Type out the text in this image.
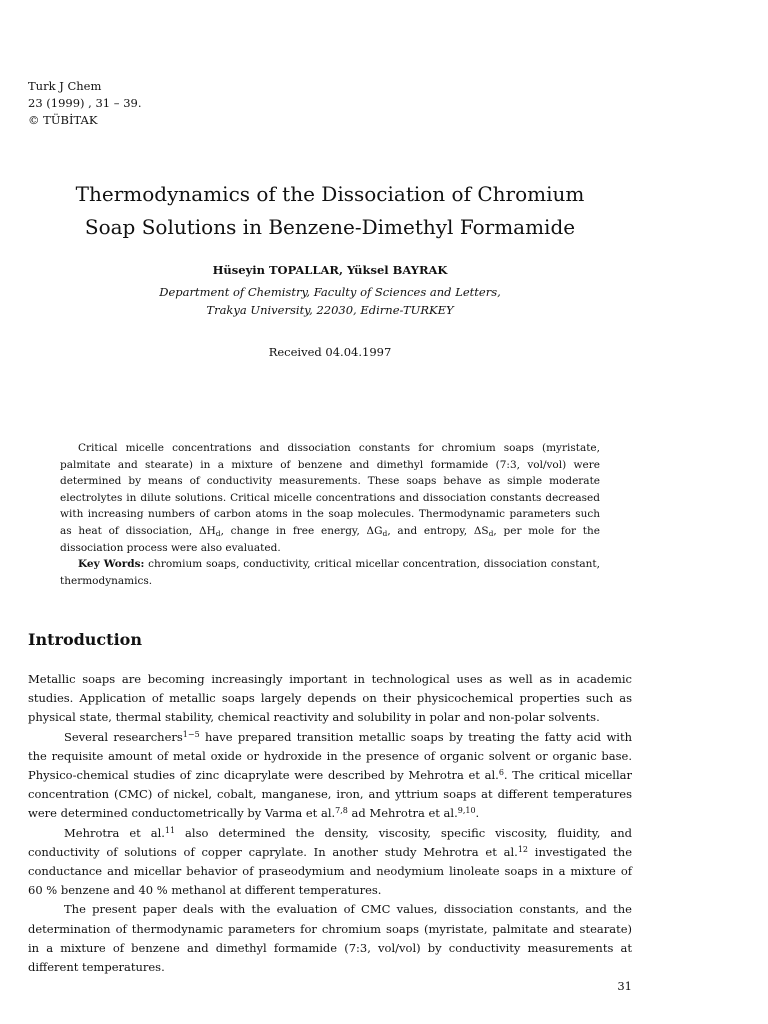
Turk J Chem
23 (1999) , 31 – 39.
© TÜBİTAK
Thermodynamics of the Dissociation of Chromium
Soap Solutions in Benzene-Dimethyl Formamide
Hüseyin TOPALLAR, Yüksel BAYRAK
Department of Chemistry, Faculty of Sciences and Letters,
Trakya University, 22030, Edirne-TURKEY
Received 04.04.1997

Critical micelle concentrations and dissociation constants for chromium soaps (myristate, palmitate and stearate) in a mixture of benzene and dimethyl formamide (7:3, vol/vol) were determined by means of conductivity measurements. These soaps behave as simple moderate electrolytes in dilute solutions. Critical micelle concentrations and dissociation constants decreased with increasing numbers of carbon atoms in the soap molecules. Thermodynamic parameters such as heat of dissociation, $\Delta H_d$, change in free energy, $\Delta G_d$, and entropy, $\Delta S_d$, per mole for the dissociation process were also evaluated.

Key Words: chromium soaps, conductivity, critical micellar concentration, dissociation constant, thermodynamics.

Introduction

Metallic soaps are becoming increasingly important in technological uses as well as in academic studies. Application of metallic soaps largely depends on their physicochemical properties such as physical state, thermal stability, chemical reactivity and solubility in polar and non-polar solvents.

Several researchers$^{1-5}$ have prepared transition metallic soaps by treating the fatty acid with the requisite amount of metal oxide or hydroxide in the presence of organic solvent or organic base. Physico-chemical studies of zinc dicaprylate were described by Mehrotra et al.$^6$. The critical micellar concentration (CMC) of nickel, cobalt, manganese, iron, and yttrium soaps at different temperatures were determined conductometrically by Varma et al.$^{7,8}$ ad Mehrotra et al.$^{9,10}$.

Mehrotra et al.$^{11}$ also determined the density, viscosity, specific viscosity, fluidity, and conductivity of solutions of copper caprylate. In another study Mehrotra et al.$^{12}$ investigated the conductance and micellar behavior of praseodymium and neodymium linoleate soaps in a mixture of 60 % benzene and 40 % methanol at different temperatures.

The present paper deals with the evaluation of CMC values, dissociation constants, and the determination of thermodynamic parameters for chromium soaps (myristate, palmitate and stearate) in a mixture of benzene and dimethyl formamide (7:3, vol/vol) by conductivity measurements at different temperatures.

31
